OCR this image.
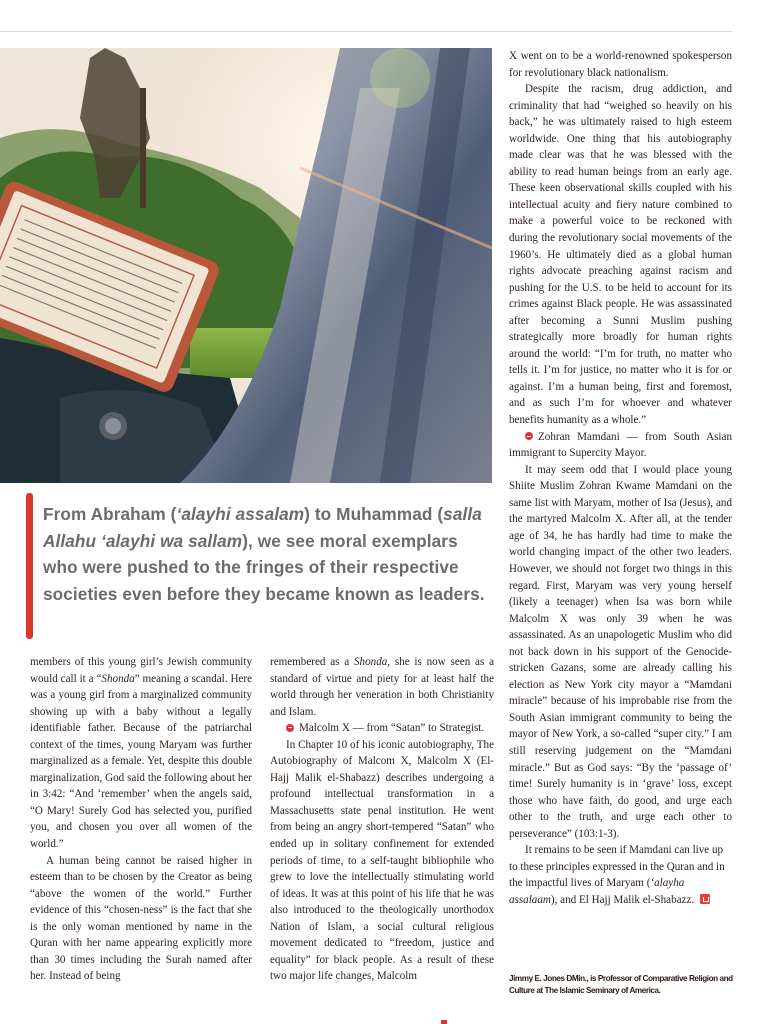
From Abraham (‘alayhi assalam) to Muhammad (salla Allahu ‘alayhi wa sallam), we see moral exemplars who were pushed to the fringes of their respective societies even before they became known as leaders.

members of this young girl’s Jewish community would call it a “Shonda” meaning a scandal. Here was a young girl from a marginalized community showing up with a baby without a legally identifiable father. Because of the patriarchal context of the times, young Maryam was further marginalized as a female. Yet, despite this double marginalization, God said the following about her in 3:42: “And ‘remember’ when the angels said, “O Mary! Surely God has selected you, purified you, and chosen you over all women of the world.”

A human being cannot be raised higher in esteem than to be chosen by the Creator as being “above the women of the world.” Further evidence of this “chosen-ness” is the fact that she is the only woman mentioned by name in the Quran with her name appearing explicitly more than 30 times including the Surah named after her. Instead of being

remembered as a Shonda, she is now seen as a standard of virtue and piety for at least half the world through her veneration in both Christianity and Islam.

Malcolm X — from “Satan” to Strategist.

In Chapter 10 of his iconic autobiography, The Autobiography of Malcom X, Malcolm X (El-Hajj Malik el-Shabazz) describes undergoing a profound intellectual transformation in a Massachusetts state penal institution. He went from being an angry short-tempered “Satan” who ended up in solitary confinement for extended periods of time, to a self-taught bibliophile who grew to love the intellectually stimulating world of ideas. It was at this point of his life that he was also introduced to the theologically unorthodox Nation of Islam, a social cultural religious movement dedicated to “freedom, justice and equality” for black people. As a result of these two major life changes, Malcolm

X went on to be a world-renowned spokesperson for revolutionary black nationalism.

Despite the racism, drug addiction, and criminality that had “weighed so heavily on his back,” he was ultimately raised to high esteem worldwide. One thing that his autobiography made clear was that he was blessed with the ability to read human beings from an early age. These keen observational skills coupled with his intellectual acuity and fiery nature combined to make a powerful voice to be reckoned with during the revolutionary social movements of the 1960’s. He ultimately died as a global human rights advocate preaching against racism and pushing for the U.S. to be held to account for its crimes against Black people. He was assassinated after becoming a Sunni Muslim pushing strategically more broadly for human rights around the world: “I’m for truth, no matter who tells it. I’m for justice, no matter who it is for or against. I’m a human being, first and foremost, and as such I’m for whoever and whatever benefits humanity as a whole.”

Zohran Mamdani — from South Asian immigrant to Supercity Mayor.

It may seem odd that I would place young Shiite Muslim Zohran Kwame Mamdani on the same list with Maryam, mother of Isa (Jesus), and the martyred Malcolm X. After all, at the tender age of 34, he has hardly had time to make the world changing impact of the other two leaders. However, we should not forget two things in this regard. First, Maryam was very young herself (likely a teenager) when Isa was born while Malcolm X was only 39 when he was assassinated. As an unapologetic Muslim who did not back down in his support of the Genocide-stricken Gazans, some are already calling his election as New York city mayor a “Mamdani miracle” because of his improbable rise from the South Asian immigrant community to being the mayor of New York, a so-called “super city.” I am still reserving judgement on the “Mamdani miracle.” But as God says: “By the ‘passage of’ time! Surely humanity is in ‘grave’ loss, except those who have faith, do good, and urge each other to the truth, and urge each other to perseverance” (103:1-3).

It remains to be seen if Mamdani can live up to these principles expressed in the Quran and in the impactful lives of Maryam (‘alayha assalaam), and El Hajj Malik el-Shabazz.

Jimmy E. Jones DMin., is Professor of Comparative Religion and Culture at The Islamic Seminary of America.
